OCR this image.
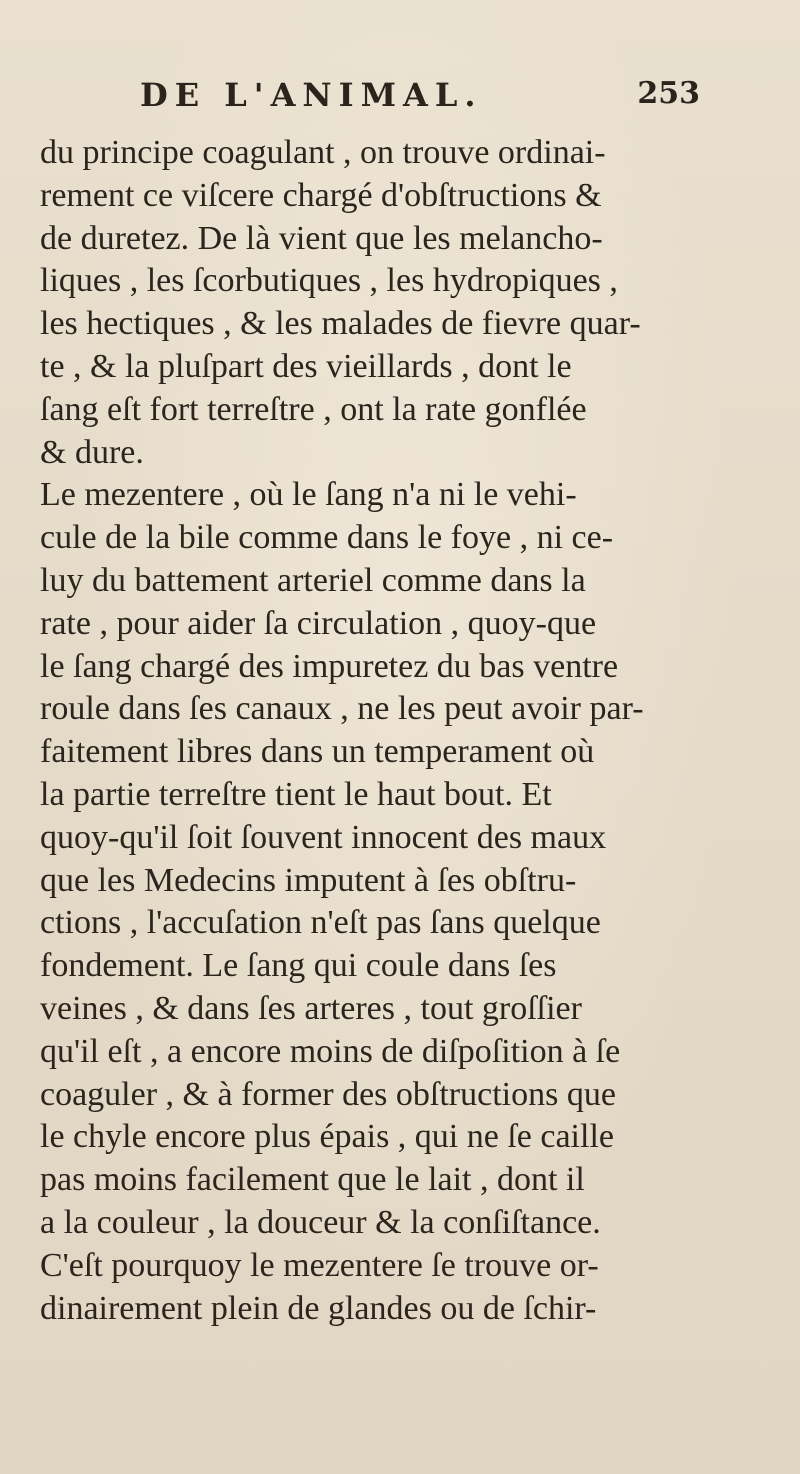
DE L'ANIMAL.	253
du principe coagulant , on trouve ordinai-
rement ce viſcere chargé d'obſtructions &
de duretez. De là vient que les melancho-
liques , les ſcorbutiques , les hydropiques ,
les hectiques , & les malades de fievre quar-
te , & la pluſpart des vieillards , dont le
ſang eſt fort terreſtre , ont la rate gonflée
& dure.
Le mezentere , où le ſang n'a ni le vehi-
cule de la bile comme dans le foye , ni ce-
luy du battement arteriel comme dans la
rate , pour aider ſa circulation , quoy-que
le ſang chargé des impuretez du bas ventre
roule dans ſes canaux , ne les peut avoir par-
faitement libres dans un temperament où
la partie terreſtre tient le haut bout. Et
quoy-qu'il ſoit ſouvent innocent des maux
que les Medecins imputent à ſes obſtru-
ctions , l'accuſation n'eſt pas ſans quelque
fondement. Le ſang qui coule dans ſes
veines , & dans ſes arteres , tout groſſier
qu'il eſt , a encore moins de diſpoſition à ſe
coaguler , & à former des obſtructions que
le chyle encore plus épais , qui ne ſe caille
pas moins facilement que le lait , dont il
a la couleur , la douceur & la conſiſtance.
C'eſt pourquoy le mezentere ſe trouve or-
dinairement plein de glandes ou de ſchir-
